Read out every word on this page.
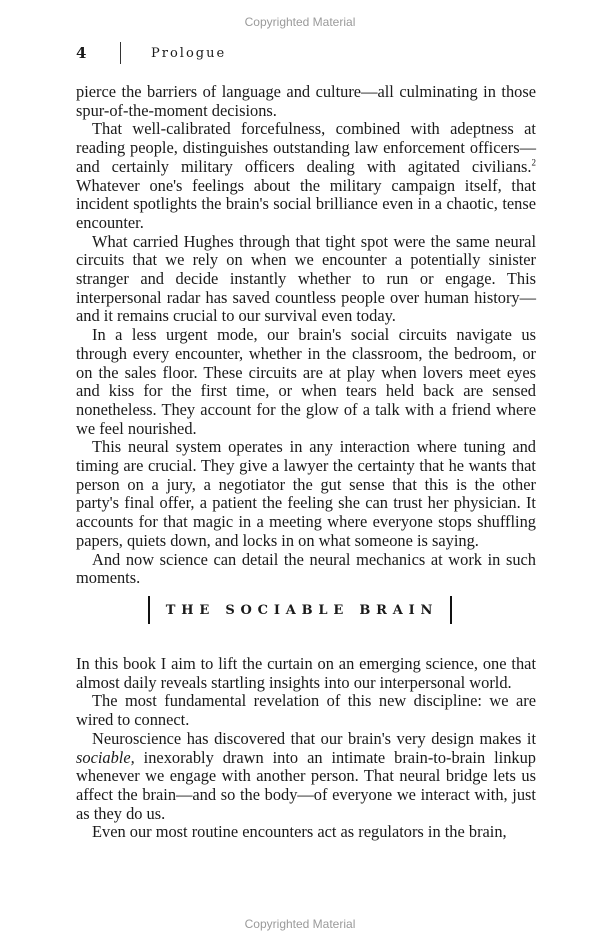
Copyrighted Material
4	Prologue

pierce the barriers of language and culture—all culminating in those spur-of-the-moment decisions.

That well-calibrated forcefulness, combined with adeptness at reading people, distinguishes outstanding law enforcement officers—and certainly military officers dealing with agitated civilians.$^2$ Whatever one's feelings about the military campaign itself, that incident spotlights the brain's social brilliance even in a chaotic, tense encounter.

What carried Hughes through that tight spot were the same neural circuits that we rely on when we encounter a potentially sinister stranger and decide instantly whether to run or engage. This interpersonal radar has saved countless people over human history—and it remains crucial to our survival even today.

In a less urgent mode, our brain's social circuits navigate us through every encounter, whether in the classroom, the bedroom, or on the sales floor. These circuits are at play when lovers meet eyes and kiss for the first time, or when tears held back are sensed nonetheless. They account for the glow of a talk with a friend where we feel nourished.

This neural system operates in any interaction where tuning and timing are crucial. They give a lawyer the certainty that he wants that person on a jury, a negotiator the gut sense that this is the other party's final offer, a patient the feeling she can trust her physician. It accounts for that magic in a meeting where everyone stops shuffling papers, quiets down, and locks in on what someone is saying.

And now science can detail the neural mechanics at work in such moments.

THE SOCIABLE BRAIN

In this book I aim to lift the curtain on an emerging science, one that almost daily reveals startling insights into our interpersonal world.

The most fundamental revelation of this new discipline: we are wired to connect.

Neuroscience has discovered that our brain's very design makes it sociable, inexorably drawn into an intimate brain-to-brain linkup whenever we engage with another person. That neural bridge lets us affect the brain—and so the body—of everyone we interact with, just as they do us.

Even our most routine encounters act as regulators in the brain,

Copyrighted Material
